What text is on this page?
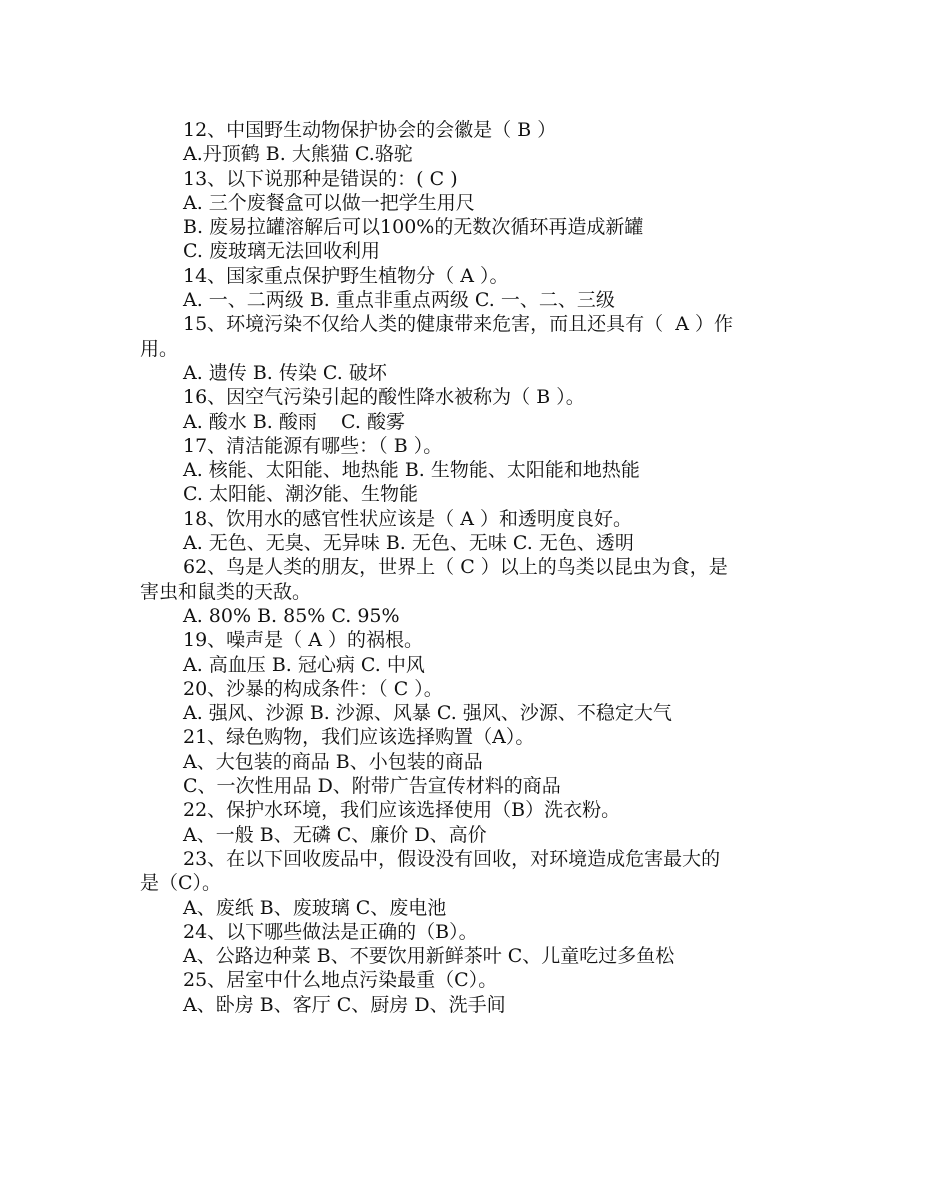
12、中国野生动物保护协会的会徽是（ B ）
A.丹顶鹤 B. 大熊猫 C.骆驼
13、以下说那种是错误的：( C )
A. 三个废餐盒可以做一把学生用尺
B. 废易拉罐溶解后可以100%的无数次循环再造成新罐
C. 废玻璃无法回收利用
14、国家重点保护野生植物分（ A ）。
A. 一、二两级 B. 重点非重点两级 C. 一、二、三级
15、环境污染不仅给人类的健康带来危害，而且还具有（  A ）作
用。
A. 遗传 B. 传染 C. 破坏
16、因空气污染引起的酸性降水被称为（ B ）。
A. 酸水 B. 酸雨    C. 酸雾
17、清洁能源有哪些：（ B ）。
A. 核能、太阳能、地热能 B. 生物能、太阳能和地热能
C. 太阳能、潮汐能、生物能
18、饮用水的感官性状应该是（ A ）和透明度良好。
A. 无色、无臭、无异味 B. 无色、无味 C. 无色、透明
62、鸟是人类的朋友，世界上（ C ）以上的鸟类以昆虫为食，是
害虫和鼠类的天敌。
A. 80% B. 85% C. 95%
19、噪声是（ A ）的祸根。
A. 高血压 B. 冠心病 C. 中风
20、沙暴的构成条件：（ C ）。
A. 强风、沙源 B. 沙源、风暴 C. 强风、沙源、不稳定大气
21、绿色购物，我们应该选择购置（A）。
A、大包装的商品 B、小包装的商品
C、一次性用品 D、附带广告宣传材料的商品
22、保护水环境，我们应该选择使用（B）洗衣粉。
A、一般 B、无磷 C、廉价 D、高价
23、在以下回收废品中，假设没有回收，对环境造成危害最大的
是（C）。
A、废纸 B、废玻璃 C、废电池
24、以下哪些做法是正确的（B）。
A、公路边种菜 B、不要饮用新鲜茶叶 C、儿童吃过多鱼松
25、居室中什么地点污染最重（C）。
A、卧房 B、客厅 C、厨房 D、洗手间
